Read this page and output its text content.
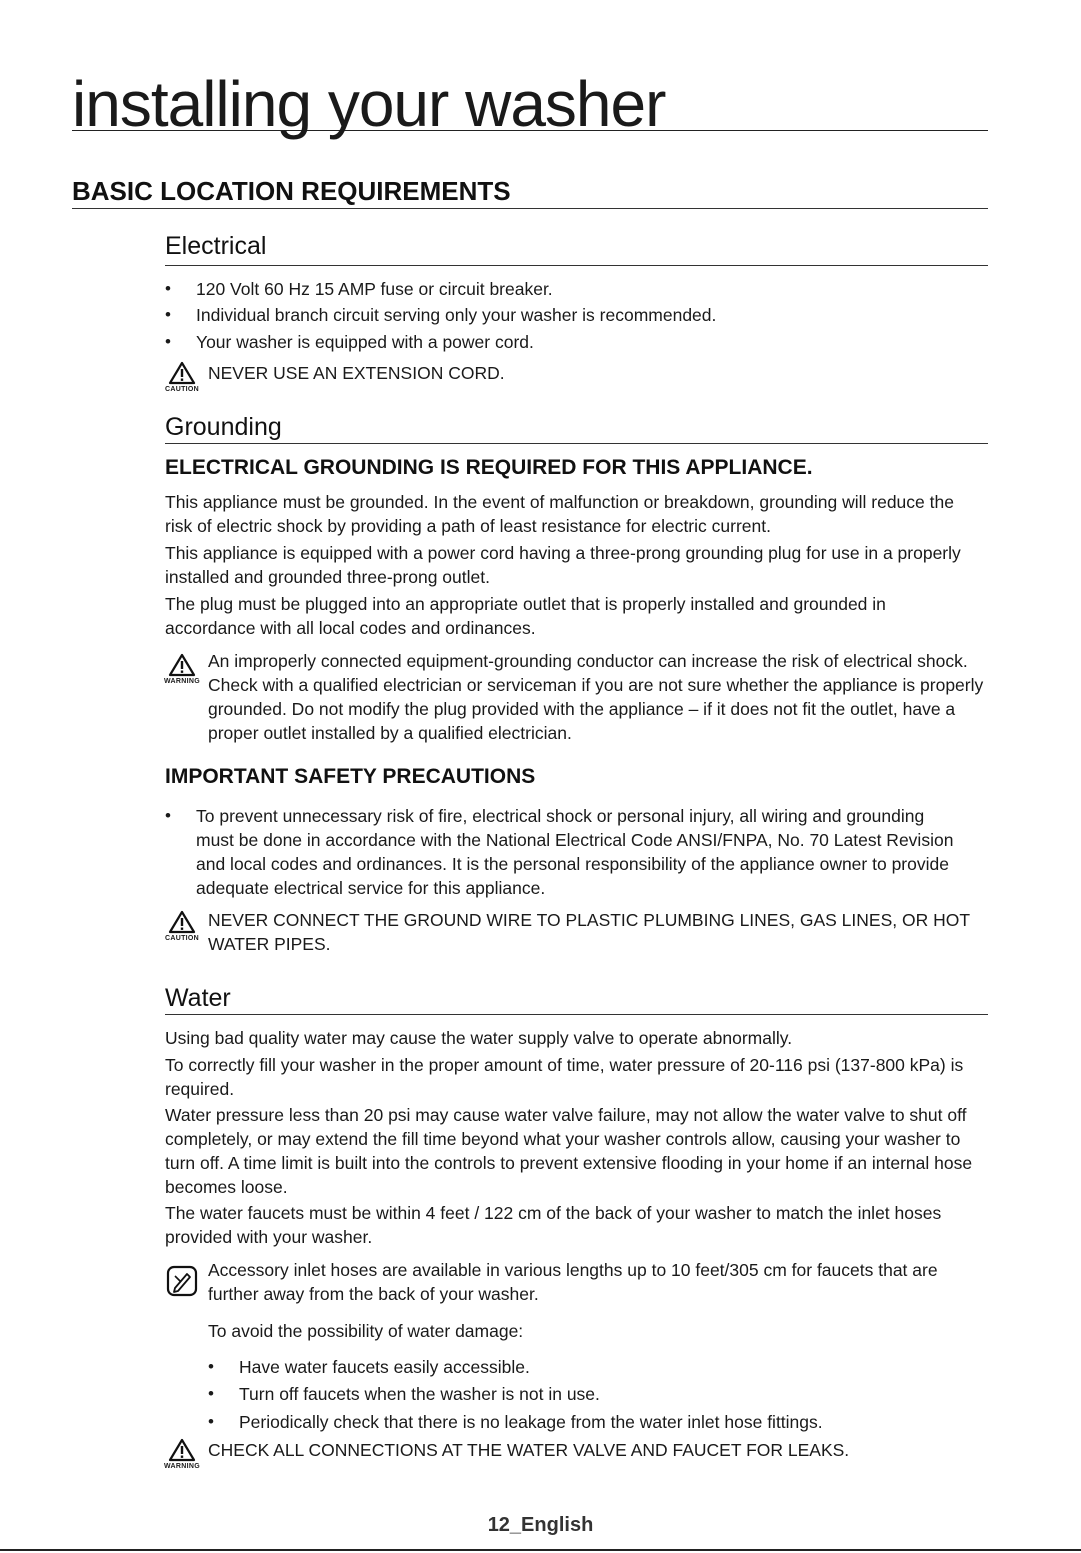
installing your washer
BASIC LOCATION REQUIREMENTS
Electrical
• 120 Volt 60 Hz 15 AMP fuse or circuit breaker.
• Individual branch circuit serving only your washer is recommended.
• Your washer is equipped with a power cord.
CAUTION
NEVER USE AN EXTENSION CORD.
Grounding
ELECTRICAL GROUNDING IS REQUIRED FOR THIS APPLIANCE.

This appliance must be grounded. In the event of malfunction or breakdown, grounding will reduce the risk of electric shock by providing a path of least resistance for electric current.

This appliance is equipped with a power cord having a three-prong grounding plug for use in a properly installed and grounded three-prong outlet.

The plug must be plugged into an appropriate outlet that is properly installed and grounded in accordance with all local codes and ordinances.

WARNING
An improperly connected equipment-grounding conductor can increase the risk of electrical shock. Check with a qualified electrician or serviceman if you are not sure whether the appliance is properly grounded. Do not modify the plug provided with the appliance – if it does not fit the outlet, have a proper outlet installed by a qualified electrician.
IMPORTANT SAFETY PRECAUTIONS
• To prevent unnecessary risk of fire, electrical shock or personal injury, all wiring and grounding must be done in accordance with the National Electrical Code ANSI/FNPA, No. 70 Latest Revision and local codes and ordinances. It is the personal responsibility of the appliance owner to provide adequate electrical service for this appliance.
CAUTION
NEVER CONNECT THE GROUND WIRE TO PLASTIC PLUMBING LINES, GAS LINES, OR HOT WATER PIPES.
Water

Using bad quality water may cause the water supply valve to operate abnormally.

To correctly fill your washer in the proper amount of time, water pressure of 20-116 psi (137-800 kPa) is required.

Water pressure less than 20 psi may cause water valve failure, may not allow the water valve to shut off completely, or may extend the fill time beyond what your washer controls allow, causing your washer to turn off. A time limit is built into the controls to prevent extensive flooding in your home if an internal hose becomes loose.

The water faucets must be within 4 feet / 122 cm of the back of your washer to match the inlet hoses provided with your washer.

Accessory inlet hoses are available in various lengths up to 10 feet/305 cm for faucets that are further away from the back of your washer.

To avoid the possibility of water damage:

• Have water faucets easily accessible.
• Turn off faucets when the washer is not in use.
• Periodically check that there is no leakage from the water inlet hose fittings.
WARNING
CHECK ALL CONNECTIONS AT THE WATER VALVE AND FAUCET FOR LEAKS.
12_English
